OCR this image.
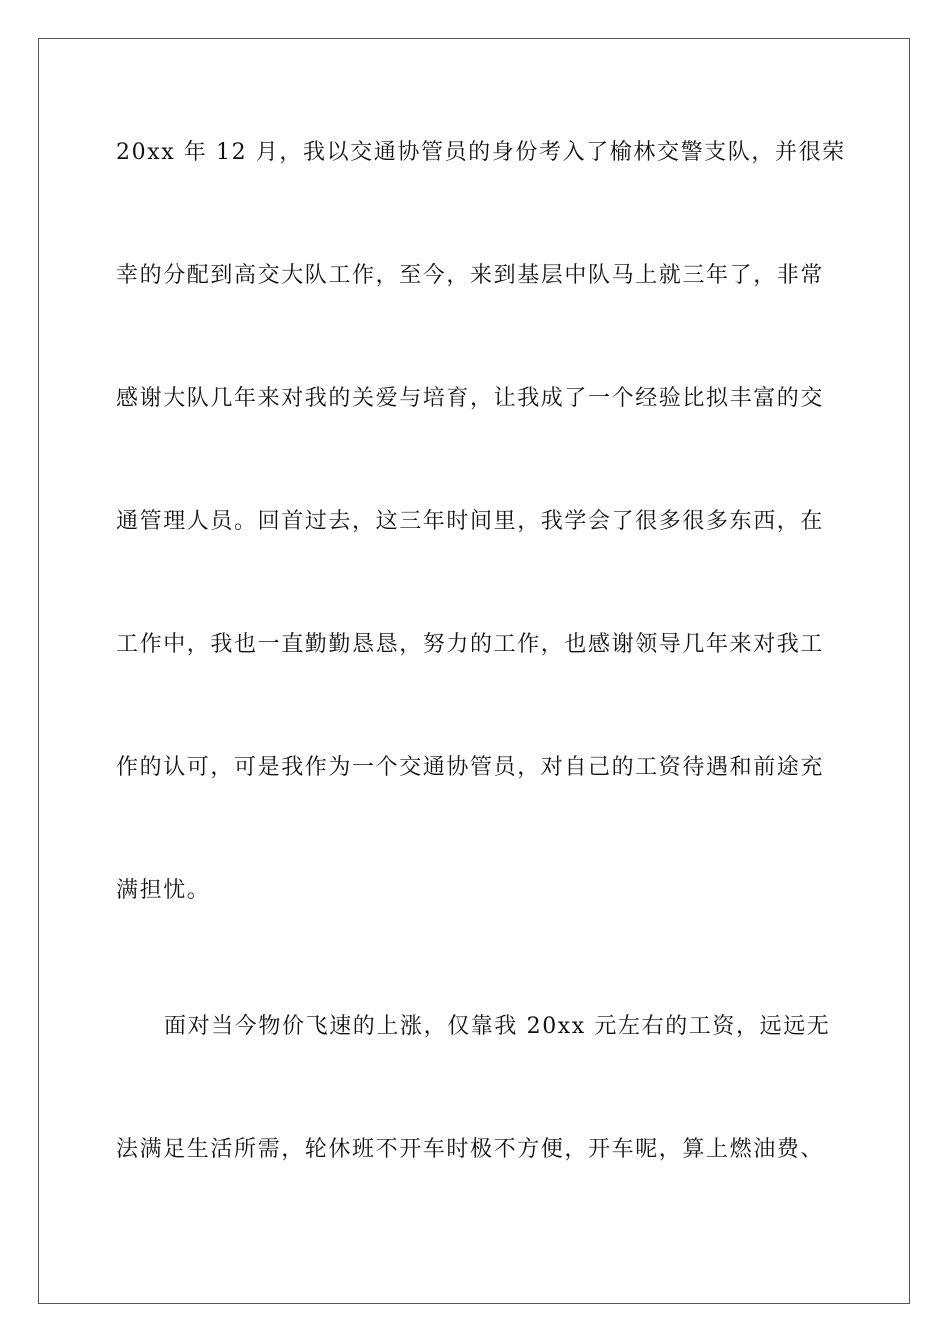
20xx 年 12 月，我以交通协管员的身份考入了榆林交警支队，并很荣
幸的分配到高交大队工作，至今，来到基层中队马上就三年了，非常
感谢大队几年来对我的关爱与培育，让我成了一个经验比拟丰富的交
通管理人员。回首过去，这三年时间里，我学会了很多很多东西，在
工作中，我也一直勤勤恳恳，努力的工作，也感谢领导几年来对我工
作的认可，可是我作为一个交通协管员，对自己的工资待遇和前途充
满担忧。
面对当今物价飞速的上涨，仅靠我 20xx 元左右的工资，远远无
法满足生活所需，轮休班不开车时极不方便，开车呢，算上燃油费、
